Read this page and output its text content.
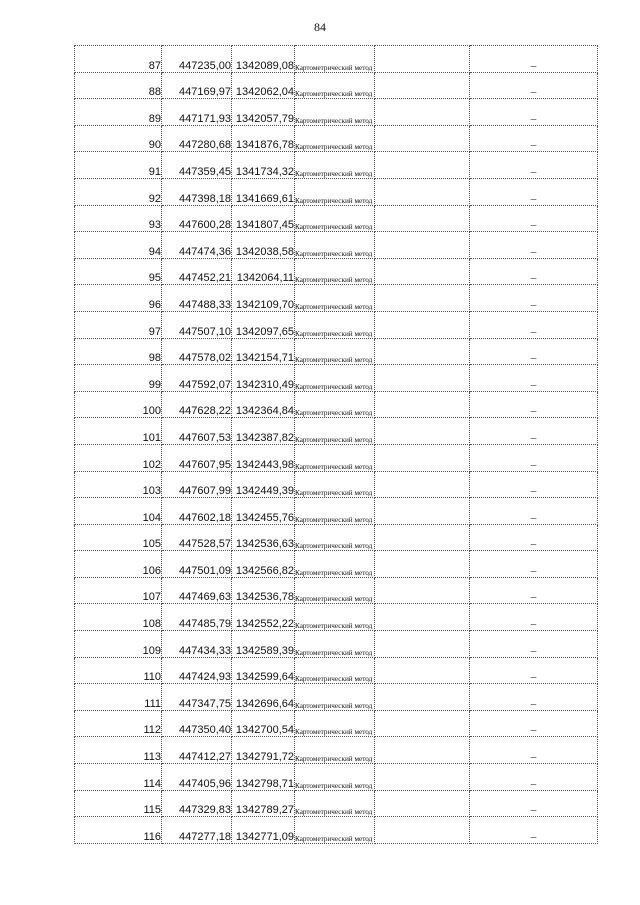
84
87	447235,00	1342089,08	Картометрический метод		–
88	447169,97	1342062,04	Картометрический метод		–
89	447171,93	1342057,79	Картометрический метод		–
90	447280,68	1341876,78	Картометрический метод		–
91	447359,45	1341734,32	Картометрический метод		–
92	447398,18	1341669,61	Картометрический метод		–
93	447600,28	1341807,45	Картометрический метод		–
94	447474,36	1342038,58	Картометрический метод		–
95	447452,21	1342064,11	Картометрический метод		–
96	447488,33	1342109,70	Картометрический метод		–
97	447507,10	1342097,65	Картометрический метод		–
98	447578,02	1342154,71	Картометрический метод		–
99	447592,07	1342310,49	Картометрический метод		–
100	447628,22	1342364,84	Картометрический метод		–
101	447607,53	1342387,82	Картометрический метод		–
102	447607,95	1342443,98	Картометрический метод		–
103	447607,99	1342449,39	Картометрический метод		–
104	447602,18	1342455,76	Картометрический метод		–
105	447528,57	1342536,63	Картометрический метод		–
106	447501,09	1342566,82	Картометрический метод		–
107	447469,63	1342536,78	Картометрический метод		–
108	447485,79	1342552,22	Картометрический метод		–
109	447434,33	1342589,39	Картометрический метод		–
110	447424,93	1342599,64	Картометрический метод		–
111	447347,75	1342696,64	Картометрический метод		–
112	447350,40	1342700,54	Картометрический метод		–
113	447412,27	1342791,72	Картометрический метод		–
114	447405,96	1342798,71	Картометрический метод		–
115	447329,83	1342789,27	Картометрический метод		–
116	447277,18	1342771,09	Картометрический метод		–
